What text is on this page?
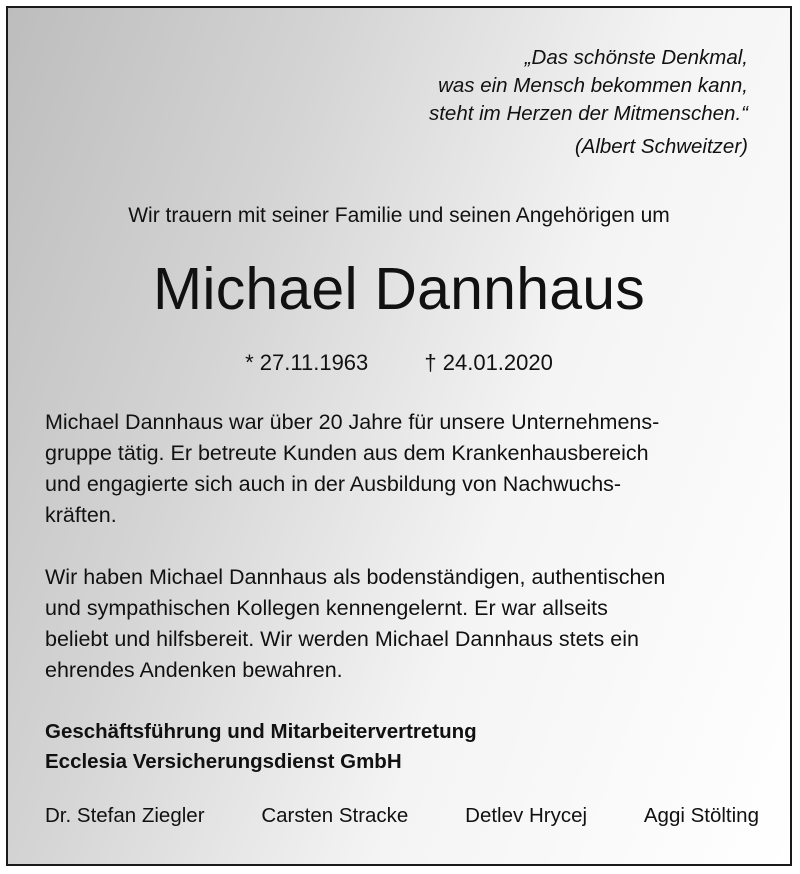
„Das schönste Denkmal,
was ein Mensch bekommen kann,
steht im Herzen der Mitmenschen.“
(Albert Schweitzer)
Wir trauern mit seiner Familie und seinen Angehörigen um
Michael Dannhaus
* 27.11.1963	† 24.01.2020
Michael Dannhaus war über 20 Jahre für unsere Unternehmens-
gruppe tätig. Er betreute Kunden aus dem Krankenhausbereich
und engagierte sich auch in der Ausbildung von Nachwuchs-
kräften.
Wir haben Michael Dannhaus als bodenständigen, authentischen
und sympathischen Kollegen kennengelernt. Er war allseits
beliebt und hilfsbereit. Wir werden Michael Dannhaus stets ein
ehrendes Andenken bewahren.
Geschäftsführung und Mitarbeitervertretung
Ecclesia Versicherungsdienst GmbH
Dr. Stefan Ziegler	Carsten Stracke	Detlev Hrycej	Aggi Stölting
